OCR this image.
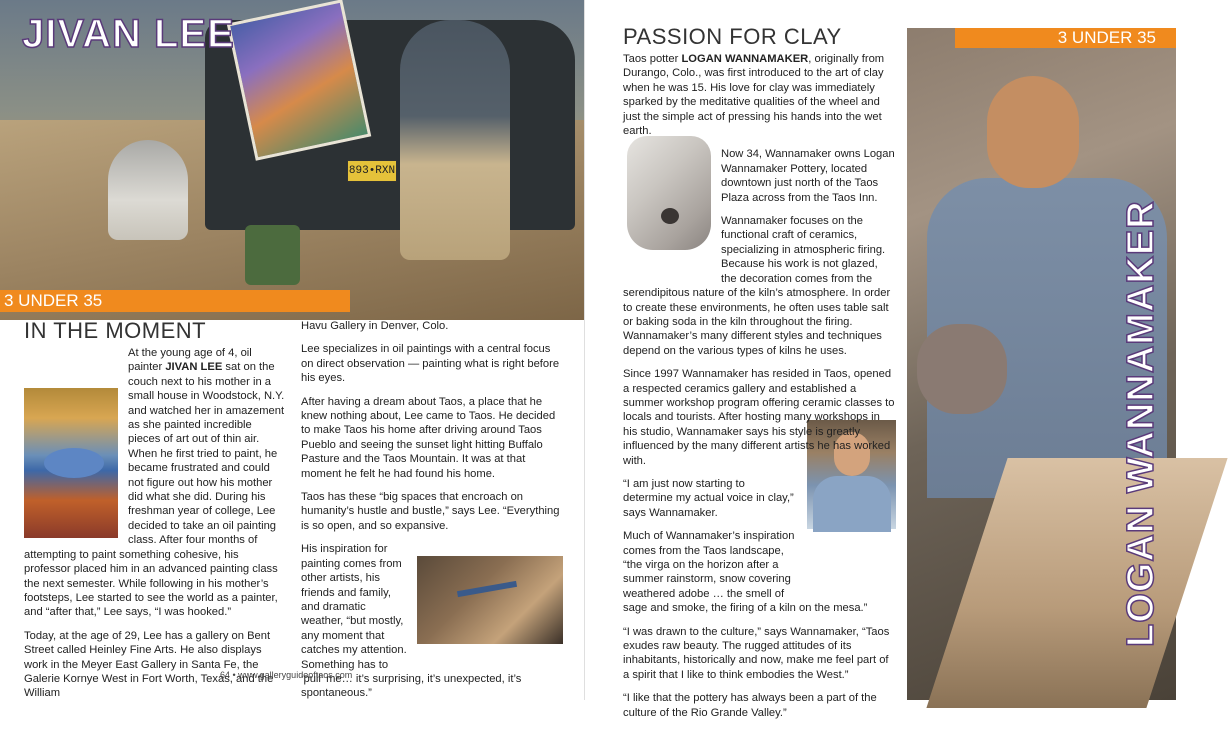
893•RXN
JIVAN LEE
3 UNDER 35
IN THE MOMENT

At the young age of 4, oil painter JIVAN LEE sat on the couch next to his mother in a small house in Woodstock, N.Y. and watched her in amazement as she painted incredible pieces of art out of thin air. When he first tried to paint, he became frustrated and could not figure out how his mother did what she did. During his freshman year of college, Lee decided to take an oil painting class. After four months of attempting to paint something cohesive, his professor placed him in an advanced painting class the next semester. While following in his mother’s footsteps, Lee started to see the world as a painter, and “after that,” Lee says, “I was hooked.”

Today, at the age of 29, Lee has a gallery on Bent Street called Heinley Fine Arts. He also displays work in the Meyer East Gallery in Santa Fe, the Galerie Kornye West in Fort Worth, Texas, and the William

Havu Gallery in Denver, Colo.

Lee specializes in oil paintings with a central focus on direct observation — painting what is right before his eyes.

After having a dream about Taos, a place that he knew nothing about, Lee came to Taos. He decided to make Taos his home after driving around Taos Pueblo and seeing the sunset light hitting Buffalo Pasture and the Taos Mountain. It was at that moment he felt he had found his home.

Taos has these “big spaces that encroach on humanity’s hustle and bustle,” says Lee. “Everything is so open, and so expansive.

His inspiration for painting comes from other artists, his friends and family, and dramatic weather, “but mostly, any moment that catches my attention. Something has to ‘pull’ me… it’s surprising, it’s unexpected, it’s spontaneous.”

64 • www.galleryguideoftaos.com
3 UNDER 35
PASSION FOR CLAY

Taos potter LOGAN WANNAMAKER, originally from Durango, Colo., was first introduced to the art of clay when he was 15. His love for clay was immediately sparked by the meditative qualities of the wheel and just the simple act of pressing his hands into the wet earth.

Now 34, Wannamaker owns Logan Wannamaker Pottery, located downtown just north of the Taos Plaza across from the Taos Inn.

Wannamaker focuses on the functional craft of ceramics, specializing in atmospheric firing. Because his work is not glazed, the decoration comes from the serendipitous nature of the kiln’s atmosphere. In order to create these environments, he often uses table salt or baking soda in the kiln throughout the firing. Wannamaker’s many different styles and techniques depend on the various types of kilns he uses.

Since 1997 Wannamaker has resided in Taos, opened a respected ceramics gallery and established a summer workshop program offering ceramic classes to locals and tourists. After hosting many workshops in his studio, Wannamaker says his style is greatly influenced by the many different artists he has worked with.

“I am just now starting to determine my actual voice in clay,” says Wannamaker.

Much of Wannamaker’s inspiration comes from the Taos landscape, “the virga on the horizon after a summer rainstorm, snow covering weathered adobe … the smell of sage and smoke, the firing of a kiln on the mesa.”

“I was drawn to the culture,” says Wannamaker, “Taos exudes raw beauty. The rugged attitudes of its inhabitants, historically and now, make me feel part of a spirit that I like to think embodies the West.”

“I like that the pottery has always been a part of the culture of the Rio Grande Valley.”

LOGAN WANNAMAKER
